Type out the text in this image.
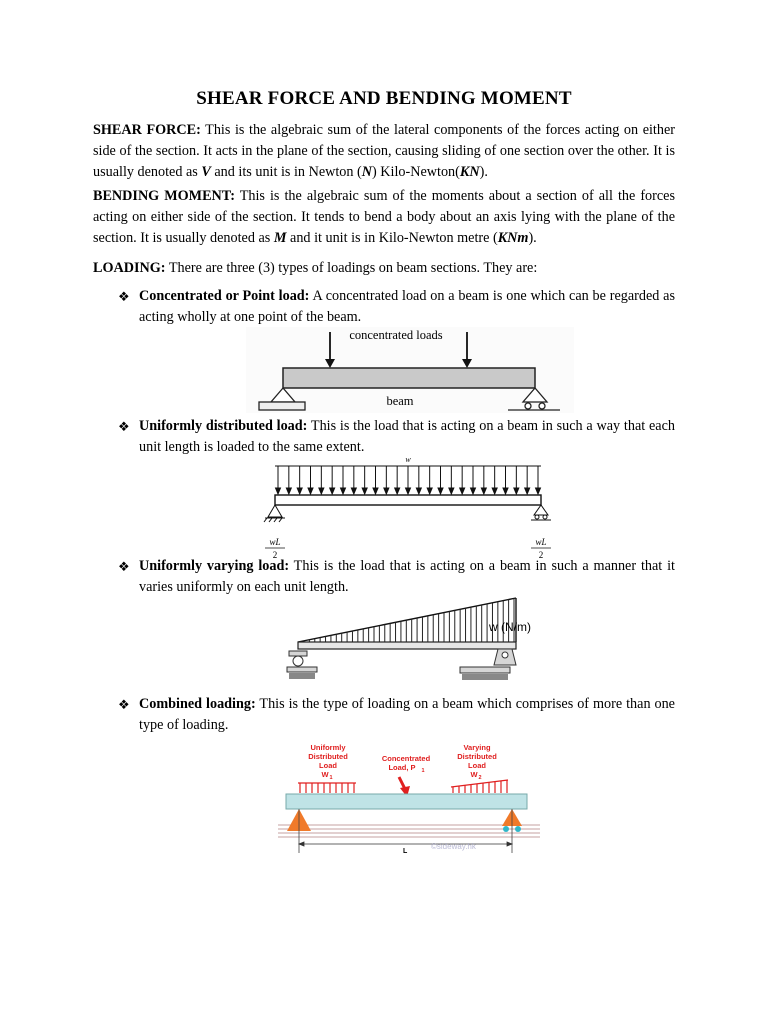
SHEAR FORCE AND BENDING MOMENT

SHEAR FORCE: This is the algebraic sum of the lateral components of the forces acting on either side of the section. It acts in the plane of the section, causing sliding of one section over the other. It is usually denoted as V and its unit is in Newton (N) Kilo-Newton(KN).

BENDING MOMENT: This is the algebraic sum of the moments about a section of all the forces acting on either side of the section. It tends to bend a body about an axis lying with the plane of the section. It is usually denoted as M and it unit is in Kilo-Newton metre (KNm).

LOADING: There are three (3) types of loadings on beam sections. They are:

❖ Concentrated or Point load: A concentrated load on a beam is one which can be regarded as acting wholly at one point of the beam.

concentrated loads
beam
❖ Uniformly distributed load: This is the load that is acting on a beam in such a way that each unit length is loaded to the same extent.

w
wL
2
wL
2
❖ Uniformly varying load: This is the load that is acting on a beam in such a manner that it varies uniformly on each unit length.

w (N/m)
❖ Combined loading: This is the type of loading on a beam which comprises of more than one type of loading.

Uniformly
Distributed
Load
W 1
Concentrated
Load, P 1
Varying
Distributed
Load
W 2
L
©sideway.hk
